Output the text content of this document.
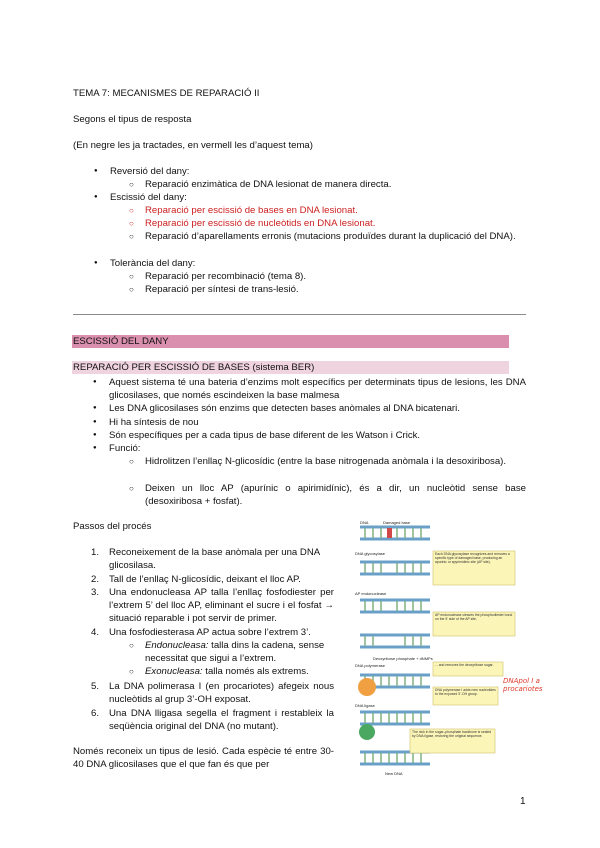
TEMA 7: MECANISMES DE REPARACIÓ II
Segons el tipus de resposta
(En negre les ja tractades, en vermell les d’aquest tema)
● Reversió del dany:
○ Reparació enzimàtica de DNA lesionat de manera directa.
● Escissió del dany:
○ Reparació per escissió de bases en DNA lesionat.
○ Reparació per escissió de nucleòtids en DNA lesionat.
○ Reparació d’aparellaments erronis (mutacions produïdes durant la duplicació del DNA).
● Tolerància del dany:
○ Reparació per recombinació (tema 8).
○ Reparació per síntesi de trans-lesió.
ESCISSIÓ DEL DANY
REPARACIÓ PER ESCISSIÓ DE BASES (sistema BER)
● Aquest sistema té una bateria d’enzims molt específics per determinats tipus de lesions, les DNA glicosilases, que només escindeixen la base malmesa
● Les DNA glicosilases són enzims que detecten bases anòmales al DNA bicatenari.
● Hi ha síntesis de nou
● Són específiques per a cada tipus de base diferent de les Watson i Crick.
● Funció:
○ Hidrolitzen l’enllaç N-glicosídic (entre la base nitrogenada anòmala i la desoxiribosa).
○ Deixen un lloc AP (apurínic o apirimidínic), és a dir, un nucleòtid sense base (desoxiribosa + fosfat).
Passos del procés
1. Reconeixement de la base anòmala per una DNA glicosilasa.
2. Tall de l’enllaç N-glicosídic, deixant el lloc AP.
3. Una endonucleasa AP talla l’enllaç fosfodiester per l’extrem 5’ del lloc AP, eliminant el sucre i el fosfat → situació reparable i pot servir de primer.
4. Una fosfodiesterasa AP actua sobre l’extrem 3’.
○ Endonucleasa: talla dins la cadena, sense necessitat que sigui a l’extrem.
○ Exonucleasa: talla només als extrems.
5. La DNA polimerasa I (en procariotes) afegeix nous nucleòtids al grup 3’-OH exposat.
6. Una DNA lligasa segella el fragment i restableix la seqüència original del DNA (no mutant).
Només reconeix un tipus de lesió. Cada espècie té entre 30-40 DNA glicosilases que el que fan és que per
DNA	Damaged base
DNA glycosylase
AP endonuclease
DNA polymerase
DNA ligase
New DNA
Deoxyribose phosphate + dNMPs
Each DNA glycosylase recognizes and removes a specific type of damaged base, producing an apurinic or apyrimidinic site (AP site).
AP endonuclease cleaves the phosphodiester bond on the 5’ side of the AP site,
... and removes the deoxyribose sugar.
DNA polymerase I adds new nucleotides to the exposed 3’-OH group.
The nick in the sugar–phosphate backbone is sealed by DNA ligase, restoring the original sequence.
DNApol I a procariotes
1
